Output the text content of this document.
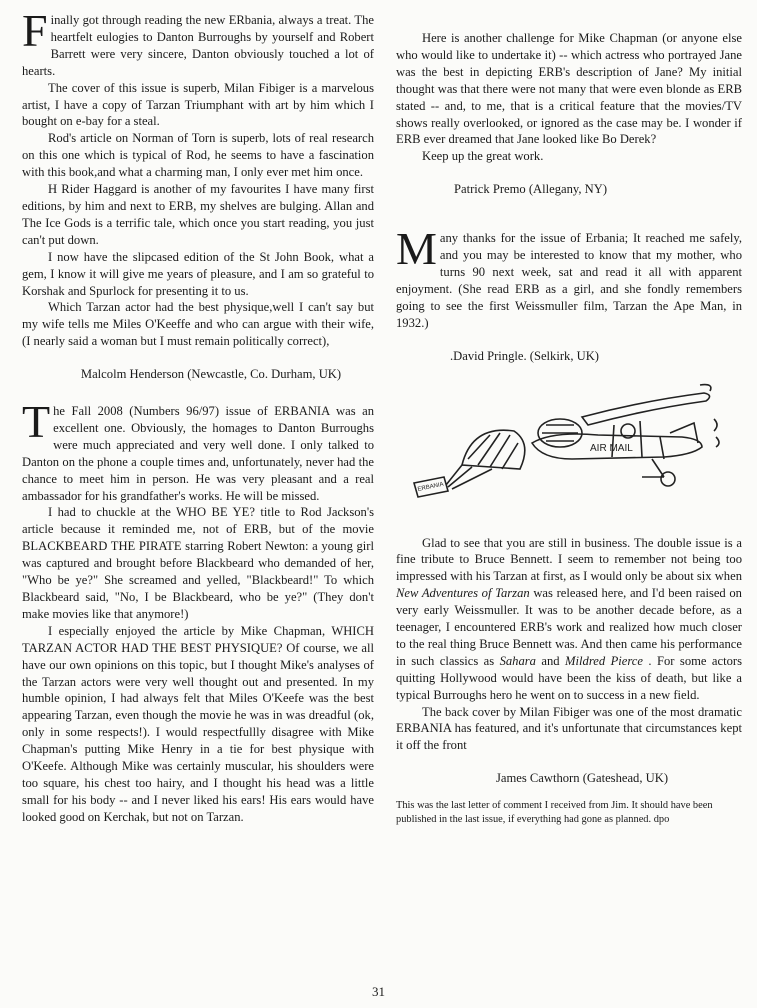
Finally got through reading the new ERbania, always a treat. The heartfelt eulogies to Danton Burroughs by yourself and Robert Barrett were very sincere, Danton obviously touched a lot of hearts.

The cover of this issue is superb, Milan Fibiger is a marvelous artist, I have a copy of Tarzan Triumphant with art by him which I bought on e-bay for a steal.

Rod's article on Norman of Torn is superb, lots of real research on this one which is typical of Rod, he seems to have a fascination with this book,and what a charming man, I only ever met him once.

H Rider Haggard is another of my favourites I have many first editions, by him and next to ERB, my shelves are bulging. Allan and The Ice Gods is a terrific tale, which once you start reading, you just can't put down.

I now have the slipcased edition of the St John Book, what a gem, I know it will give me years of pleasure, and I am so grateful to Korshak and Spurlock for presenting it to us.

Which Tarzan actor had the best physique,well I can't say but my wife tells me Miles O'Keeffe and who can argue with their wife, (I nearly said a woman but I must remain politically correct),

Malcolm Henderson (Newcastle, Co. Durham, UK)

The Fall 2008 (Numbers 96/97) issue of ERBANIA was an excellent one. Obviously, the homages to Danton Burroughs were much appreciated and very well done. I only talked to Danton on the phone a couple times and, unfortunately, never had the chance to meet him in person. He was very pleasant and a real ambassador for his grandfather's works. He will be missed.

I had to chuckle at the WHO BE YE? title to Rod Jackson's article because it reminded me, not of ERB, but of the movie BLACKBEARD THE PIRATE starring Robert Newton: a young girl was captured and brought before Blackbeard who demanded of her, "Who be ye?" She screamed and yelled, "Blackbeard!" To which Blackbeard said, "No, I be Blackbeard, who be ye?" (They don't make movies like that anymore!)

I especially enjoyed the article by Mike Chapman, WHICH TARZAN ACTOR HAD THE BEST PHYSIQUE? Of course, we all have our own opinions on this topic, but I thought Mike's analyses of the Tarzan actors were very well thought out and presented. In my humble opinion, I had always felt that Miles O'Keefe was the best appearing Tarzan, even though the movie he was in was dreadful (ok, only in some respects!). I would respectfullly disagree with Mike Chapman's putting Mike Henry in a tie for best physique with O'Keefe. Although Mike was certainly muscular, his shoulders were too square, his chest too hairy, and I thought his head was a little small for his body -- and I never liked his ears! His ears would have looked good on Kerchak, but not on Tarzan.

Here is another challenge for Mike Chapman (or anyone else who would like to undertake it) -- which actress who portrayed Jane was the best in depicting ERB's description of Jane? My initial thought was that there were not many that were even blonde as ERB stated -- and, to me, that is a critical feature that the movies/TV shows really overlooked, or ignored as the case may be. I wonder if ERB ever dreamed that Jane looked like Bo Derek?

Keep up the great work.

Patrick Premo (Allegany, NY)

Many thanks for the issue of Erbania; It reached me safely, and you may be interested to know that my mother, who turns 90 next week, sat and read it all with apparent enjoyment. (She read ERB as a girl, and she fondly remembers going to see the first Weissmuller film, Tarzan the Ape Man, in 1932.)

.David Pringle. (Selkirk, UK)

AIR MAIL
ERBANIA

Glad to see that you are still in business. The double issue is a fine tribute to Bruce Bennett. I seem to remember not being too impressed with his Tarzan at first, as I would only be about six when New Adventures of Tarzan was released here, and I'd been raised on very early Weissmuller. It was to be another decade before, as a teenager, I encountered ERB's work and realized how much closer to the real thing Bruce Bennett was. And then came his performance in such classics as Sahara and Mildred Pierce . For some actors quitting Hollywood would have been the kiss of death, but like a typical Burroughs hero he went on to success in a new field.

The back cover by Milan Fibiger was one of the most dramatic ERBANIA has featured, and it's unfortunate that circumstances kept it off the front

James Cawthorn (Gateshead, UK)

This was the last letter of comment I received from Jim. It should have been published in the last issue, if everything had gone as planned. dpo

31
